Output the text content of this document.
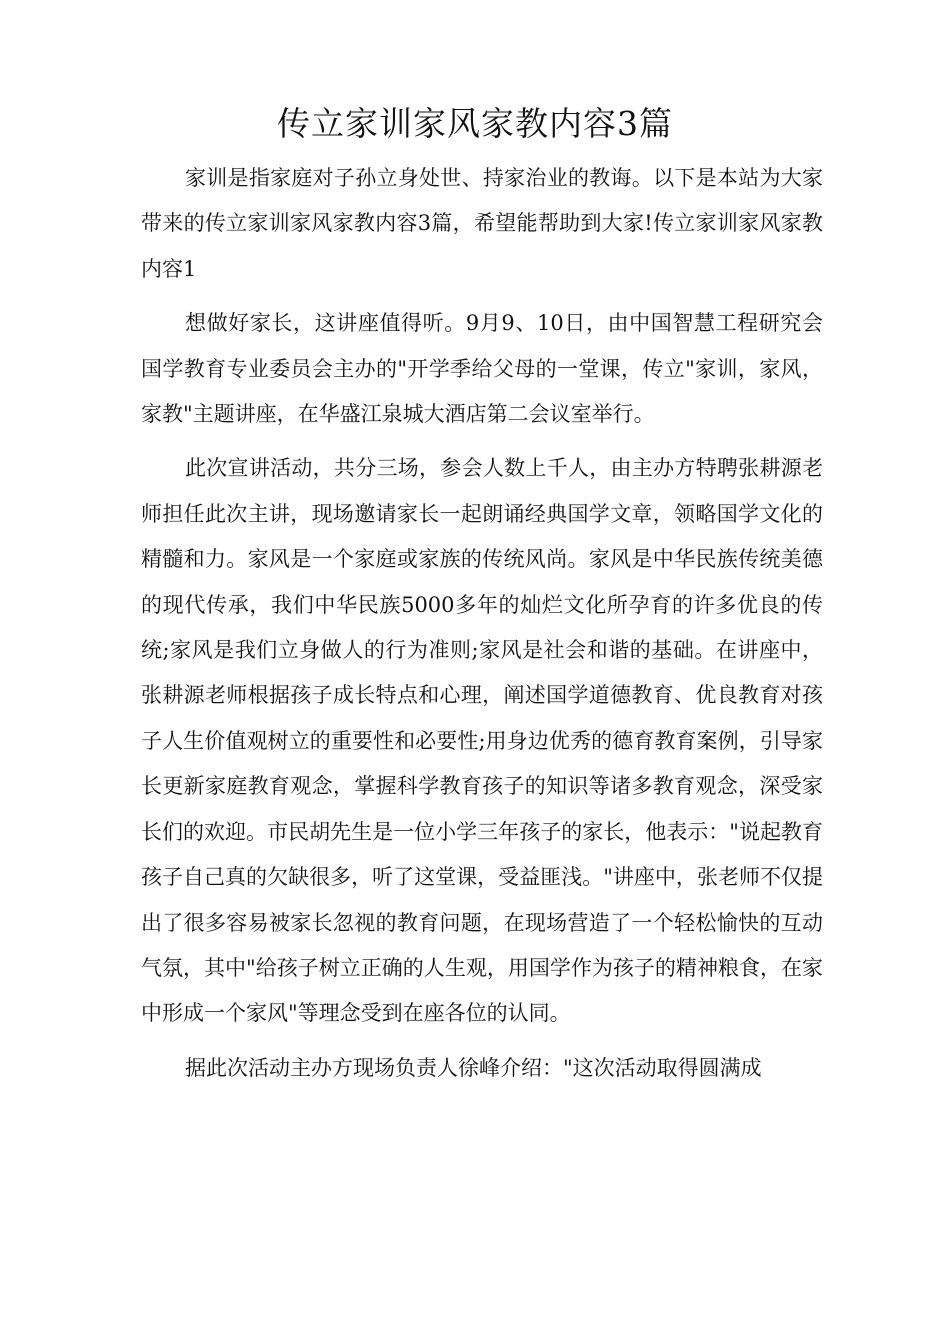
传立家训家风家教内容3篇

家训是指家庭对子孙立身处世、持家治业的教诲。以下是本站为大家带来的传立家训家风家教内容3篇，希望能帮助到大家!传立家训家风家教内容1

想做好家长，这讲座值得听。9月9、10日，由中国智慧工程研究会国学教育专业委员会主办的"开学季给父母的一堂课，传立"家训，家风，家教"主题讲座，在华盛江泉城大酒店第二会议室举行。

此次宣讲活动，共分三场，参会人数上千人，由主办方特聘张耕源老师担任此次主讲，现场邀请家长一起朗诵经典国学文章，领略国学文化的精髓和力。家风是一个家庭或家族的传统风尚。家风是中华民族传统美德的现代传承，我们中华民族5000多年的灿烂文化所孕育的许多优良的传统;家风是我们立身做人的行为准则;家风是社会和谐的基础。在讲座中，张耕源老师根据孩子成长特点和心理，阐述国学道德教育、优良教育对孩子人生价值观树立的重要性和必要性;用身边优秀的德育教育案例，引导家长更新家庭教育观念，掌握科学教育孩子的知识等诸多教育观念，深受家长们的欢迎。市民胡先生是一位小学三年孩子的家长，他表示："说起教育孩子自己真的欠缺很多，听了这堂课，受益匪浅。"讲座中，张老师不仅提出了很多容易被家长忽视的教育问题，在现场营造了一个轻松愉快的互动气氛，其中"给孩子树立正确的人生观，用国学作为孩子的精神粮食，在家中形成一个家风"等理念受到在座各位的认同。

据此次活动主办方现场负责人徐峰介绍："这次活动取得圆满成
